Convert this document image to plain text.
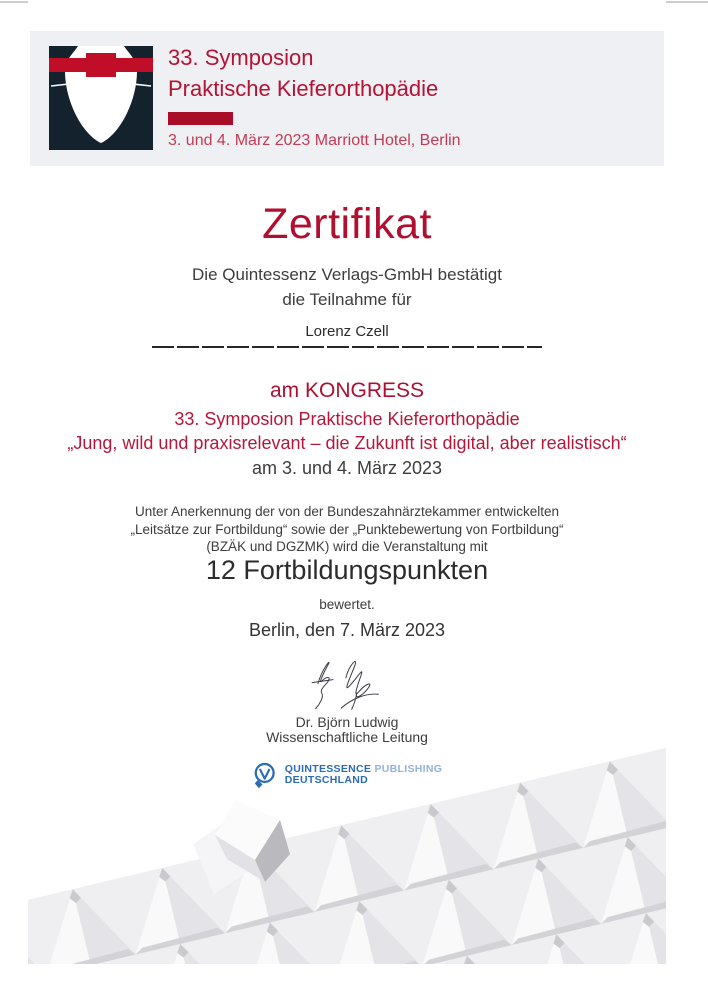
33. Symposion
Praktische Kieferorthopädie
3. und 4. März 2023 Marriott Hotel, Berlin
Zertifikat
Die Quintessenz Verlags-GmbH bestätigt
die Teilnahme für
Lorenz Czell
am KONGRESS
33. Symposion Praktische Kieferorthopädie
„Jung, wild und praxisrelevant – die Zukunft ist digital, aber realistisch“
am 3. und 4. März 2023
Unter Anerkennung der von der Bundeszahnärztekammer entwickelten
„Leitsätze zur Fortbildung“ sowie der „Punktebewertung von Fortbildung“
(BZÄK und DGZMK) wird die Veranstaltung mit
12 Fortbildungspunkten
bewertet.
Berlin, den 7. März 2023
Dr. Björn Ludwig
Wissenschaftliche Leitung
QUINTESSENCE PUBLISHING
DEUTSCHLAND
